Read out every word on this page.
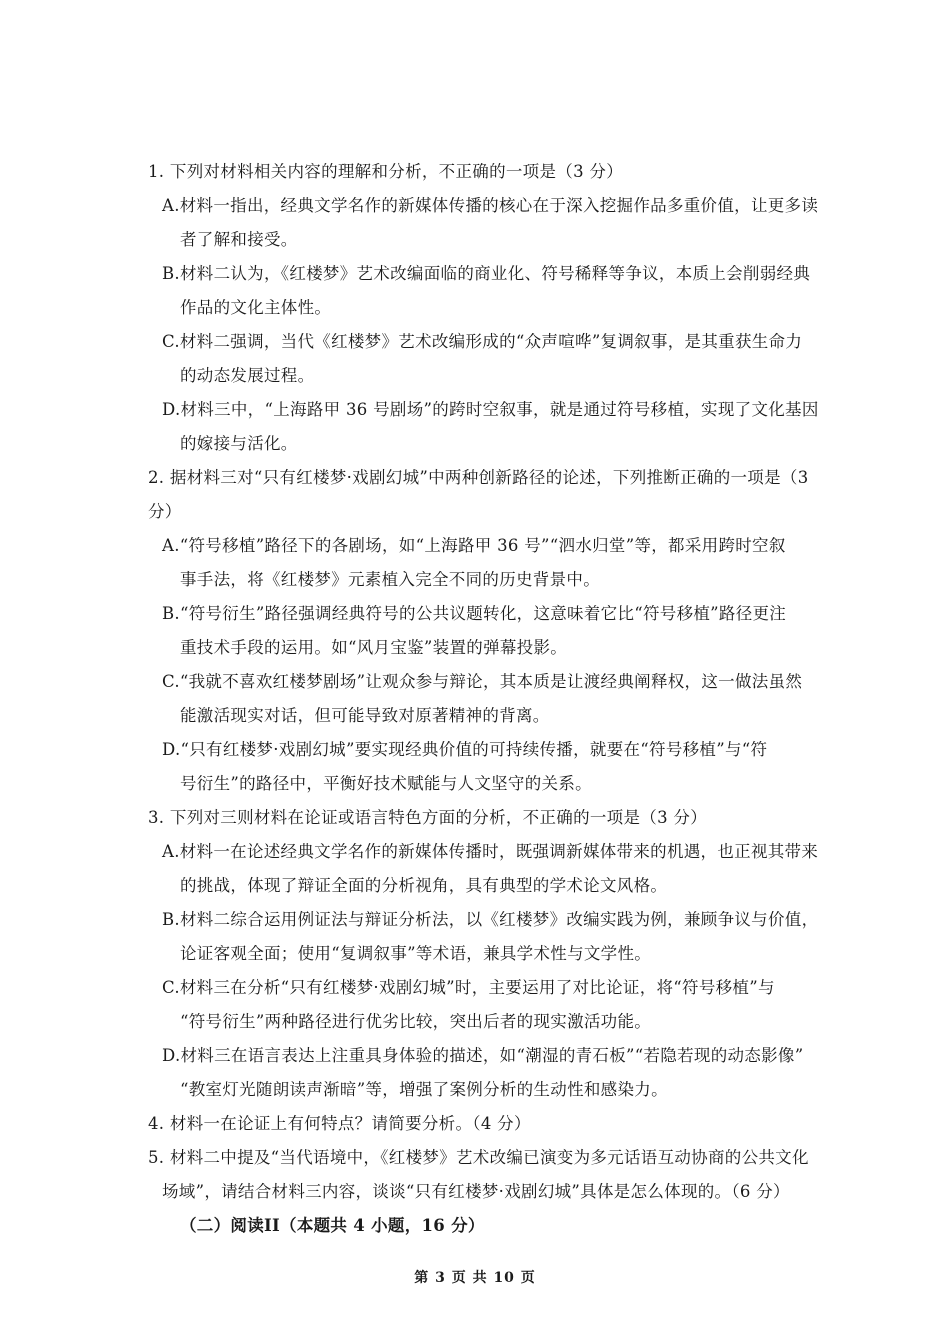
1. 下列对材料相关内容的理解和分析，不正确的一项是（3 分）
A.材料一指出，经典文学名作的新媒体传播的核心在于深入挖掘作品多重价值，让更多读
者了解和接受。
B.材料二认为，《红楼梦》艺术改编面临的商业化、符号稀释等争议，本质上会削弱经典
作品的文化主体性。
C.材料二强调，当代《红楼梦》艺术改编形成的“众声喧哗”复调叙事，是其重获生命力
的动态发展过程。
D.材料三中，“上海路甲 36 号剧场”的跨时空叙事，就是通过符号移植，实现了文化基因
的嫁接与活化。
2. 据材料三对“只有红楼梦·戏剧幻城”中两种创新路径的论述，下列推断正确的一项是（3
分）
A.“符号移植”路径下的各剧场，如“上海路甲 36 号”“泗水归堂”等，都采用跨时空叙
事手法，将《红楼梦》元素植入完全不同的历史背景中。
B.“符号衍生”路径强调经典符号的公共议题转化，这意味着它比“符号移植”路径更注
重技术手段的运用。如“风月宝鉴”装置的弹幕投影。
C.“我就不喜欢红楼梦剧场”让观众参与辩论，其本质是让渡经典阐释权，这一做法虽然
能激活现实对话，但可能导致对原著精神的背离。
D.“只有红楼梦·戏剧幻城”要实现经典价值的可持续传播，就要在“符号移植”与“符
号衍生”的路径中，平衡好技术赋能与人文坚守的关系。
3. 下列对三则材料在论证或语言特色方面的分析，不正确的一项是（3 分）
A.材料一在论述经典文学名作的新媒体传播时，既强调新媒体带来的机遇，也正视其带来
的挑战，体现了辩证全面的分析视角，具有典型的学术论文风格。
B.材料二综合运用例证法与辩证分析法，以《红楼梦》改编实践为例，兼顾争议与价值，
论证客观全面；使用“复调叙事”等术语，兼具学术性与文学性。
C.材料三在分析“只有红楼梦·戏剧幻城”时，主要运用了对比论证，将“符号移植”与
“符号衍生”两种路径进行优劣比较，突出后者的现实激活功能。
D.材料三在语言表达上注重具身体验的描述，如“潮湿的青石板”“若隐若现的动态影像”
“教室灯光随朗读声渐暗”等，增强了案例分析的生动性和感染力。
4. 材料一在论证上有何特点？请简要分析。（4 分）
5. 材料二中提及“当代语境中，《红楼梦》艺术改编已演变为多元话语互动协商的公共文化
场域”，请结合材料三内容，谈谈“只有红楼梦·戏剧幻城”具体是怎么体现的。（6 分）
（二）阅读II（本题共 4 小题，16 分）
第 3 页 共 10 页
